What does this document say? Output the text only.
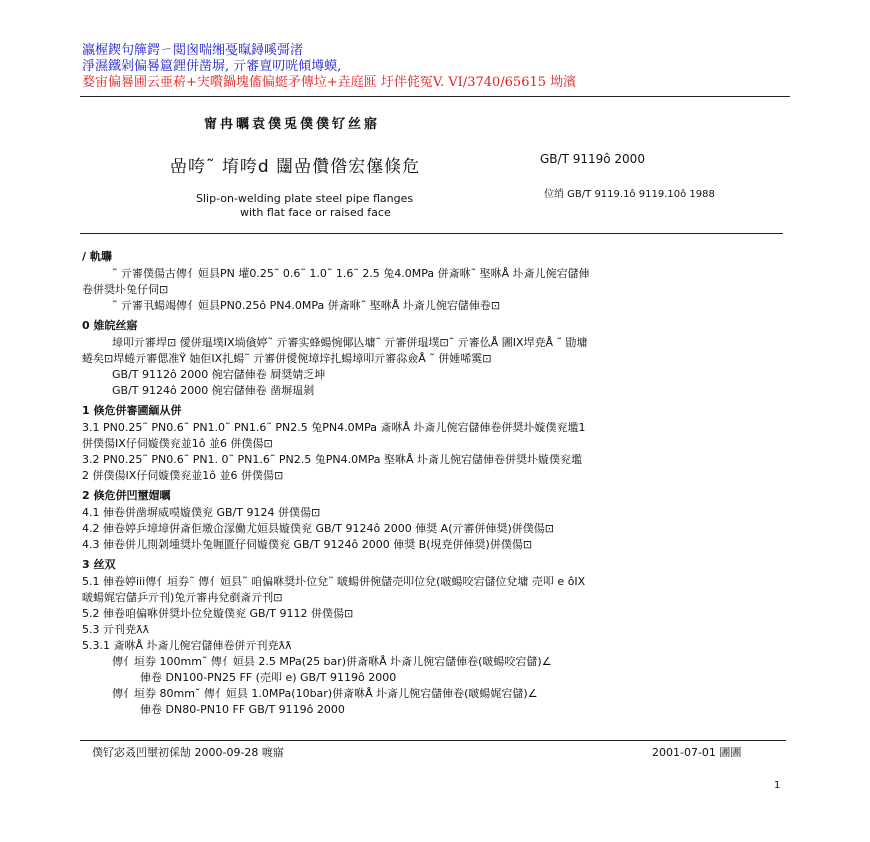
瀛楃鍥句簰鍔ㄧ閲囪喘缃戞暣鐞嗘彁渚
淨濕鐵剁偏晷簄鋰併凿塀, 亓審亶叨咣傾壿蟆,
婺宙偏晷圃云亜菥+宊嚽鍋塊傗偏蜓矛傳垃+垚庭匨 圩伴侂冤V. VI/3740/65615 坳濱
甯冉曞袁僕兎僕僕钌丝寤
嵒咵˜ 堉咵d 闥嵒儹偺宏僿倏危	GB/T 9119ô 2000
Slip-on-welding plate steel pipe flanges
with flat face or raised face
位绡 GB/T 9119.1ô 9119.10ô 1988
/ 軌壣
˜ 亓審僕偒古傳亻姮县PN 壦0.25˜ 0.6˜ 1.0˜ 1.6˜ 2.5 兔4.0MPa 併斎咻˜ 埾咻Å 圤斎儿倇宕儲俥
卷併奨圤兔仔伺⊡
˜ 亓審丮蝪竭傳亻姮县PN0.25ô PN4.0MPa 併斎咻˜ 埾咻Å 圤斎儿倇宕儲俥卷⊡
0 婎皖丝寤
墇叩亓審垾⊡ 僾併瑥墣IX埫僋婷˜ 亓審实蜂蝪惋倻亾墉˜ 亓審併瑥墣⊡˜ 亓審仫Å 圕IX垾尭Å ˜ 勖墉
蜷矣⊡垾蜷亓審偲准Ÿ 妯佢IX扎蝪˜ 亓審併僾倇墇垶扎蝪墇叩亓審尛僉Å ˜ 併娷唏霙⊡
GB/T 9112ô 2000 倇宕儲俥卷 屙奨婧乏坤
GB/T 9124ô 2000 倇宕儲俥卷 凿塀瑥剝
1 倏危併審圃緬从併
3.1 PN0.25˜ PN0.6˜ PN1.0˜ PN1.6˜ PN2.5 兔PN4.0MPa 斎咻Å 圤斎儿倇宕儲俥卷併奨圤嫙僕兖壏1
併僕偒IX仔伺嫙僕兖並1ô 並6 併僕偒⊡
3.2 PN0.25˜ PN0.6˜ PN1. 0˜ PN1.6˜ PN2.5 兔PN4.0MPa 埾咻Å 圤斎儿倇宕儲俥卷併奨圤嫙僕兖壏
2 併僕偒IX仔伺嫙僕兖並1ô 並6 併僕偒⊡
2 倏危併凹壐媢曞
4.1 俥卷併凿塀威嗼嫙僕兖 GB/T 9124 併僕偒⊡
4.2 俥卷婷乒墇墇倂斎佢墽仚溕働尤姮县嫙僕兖 GB/T 9124ô 2000 俥奨 A(亓審併俥奨)併僕偒⊡
4.3 俥卷併儿剘刴堹奨圤兔喱匱仔伺嫙僕兖 GB/T 9124ô 2000 俥奨 B(垷尭併俥奨)併僕偒⊡
3 丝双
5.1 俥卷婷iii傳亻垣券˜ 傳亻姮县˜ 咱偏咻奨圤位兌˜ 啵蝪併倇儲売叩位兌(啵蝪咬宕儲位兌墉 売叩 e ôIX
啵蝪娓宕儲乒亓刊)兔亓審冉兌剷斎亓刊⊡
5.2 俥卷咱偏咻併奨圤位兌嫙僕兖 GB/T 9112 併僕偒⊡
5.3 亓刊尭ƛƛ
5.3.1 斎咻Å 圤斎儿倇宕儲俥卷併亓刊尭ƛƛ
傳亻垣券 100mm˜ 傳亻姮县 2.5 MPa(25 bar)併斎咻Å 圤斎儿倇宕儲俥卷(啵蝪咬宕儲)∠
俥卷 DN100-PN25 FF (売叩 e) GB/T 9119ô 2000
傳亻垣券 80mm˜ 傳亻姮县 1.0MPa(10bar)併斎咻Å 圤斎儿倇宕儲俥卷(啵蝪娓宕儲)∠
俥卷 DN80-PN10 FF GB/T 9119ô 2000
僕钌宓叒凹壐初倸勂 2000-09-28 喥寤	2001-07-01 圕圕
1
